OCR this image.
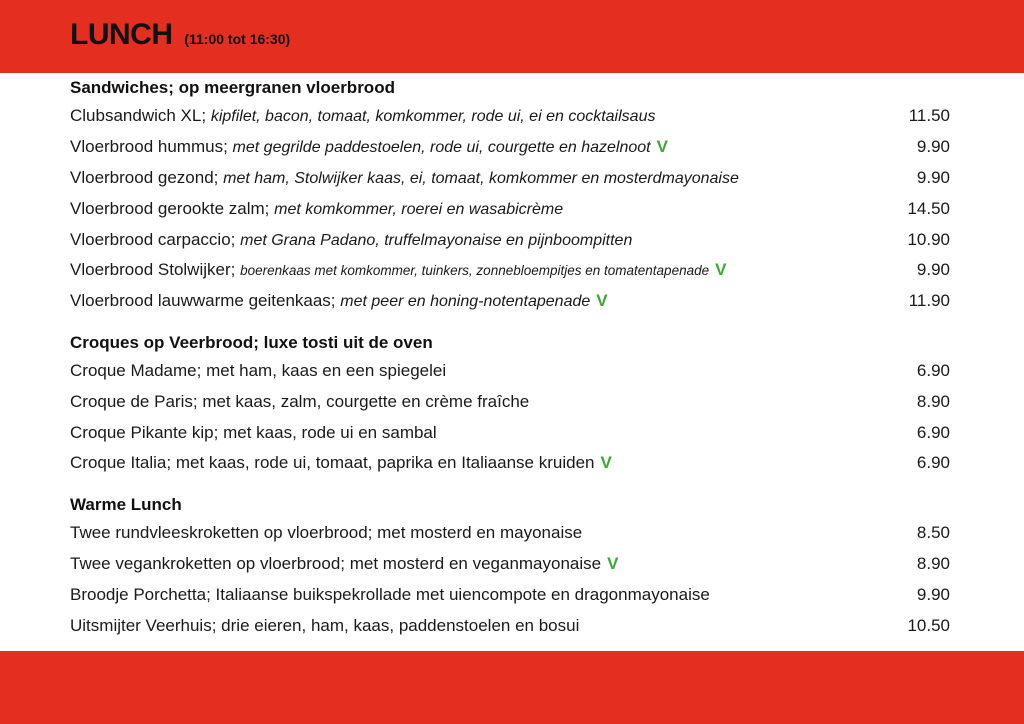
LUNCH (11:00 tot 16:30)
Sandwiches; op meergranen vloerbrood
Clubsandwich XL; kipfilet, bacon, tomaat, komkommer, rode ui, ei en cocktailsaus	11.50
Vloerbrood hummus; met gegrilde paddestoelen, rode ui, courgette en hazelnoot V	9.90
Vloerbrood gezond; met ham, Stolwijker kaas, ei, tomaat, komkommer en mosterdmayonaise	9.90
Vloerbrood gerookte zalm; met komkommer, roerei en wasabicrème	14.50
Vloerbrood carpaccio; met Grana Padano, truffelmayonaise en pijnboompitten	10.90
Vloerbrood Stolwijker; boerenkaas met komkommer, tuinkers, zonnebloempitjes en tomatentapenade V	9.90
Vloerbrood lauwwarme geitenkaas; met peer en honing-notentapenade V	11.90
Croques op Veerbrood; luxe tosti uit de oven
Croque Madame; met ham, kaas en een spiegelei	6.90
Croque de Paris; met kaas, zalm, courgette en crème fraîche	8.90
Croque Pikante kip; met kaas, rode ui en sambal	6.90
Croque Italia; met kaas, rode ui, tomaat, paprika en Italiaanse kruiden V	6.90
Warme Lunch
Twee rundvleeskroketten op vloerbrood; met mosterd en mayonaise	8.50
Twee vegankroketten op vloerbrood; met mosterd en veganmayonaise V	8.90
Broodje Porchetta; Italiaanse buikspekrollade met uiencompote en dragonmayonaise	9.90
Uitsmijter Veerhuis; drie eieren, ham, kaas, paddenstoelen en bosui	10.50
